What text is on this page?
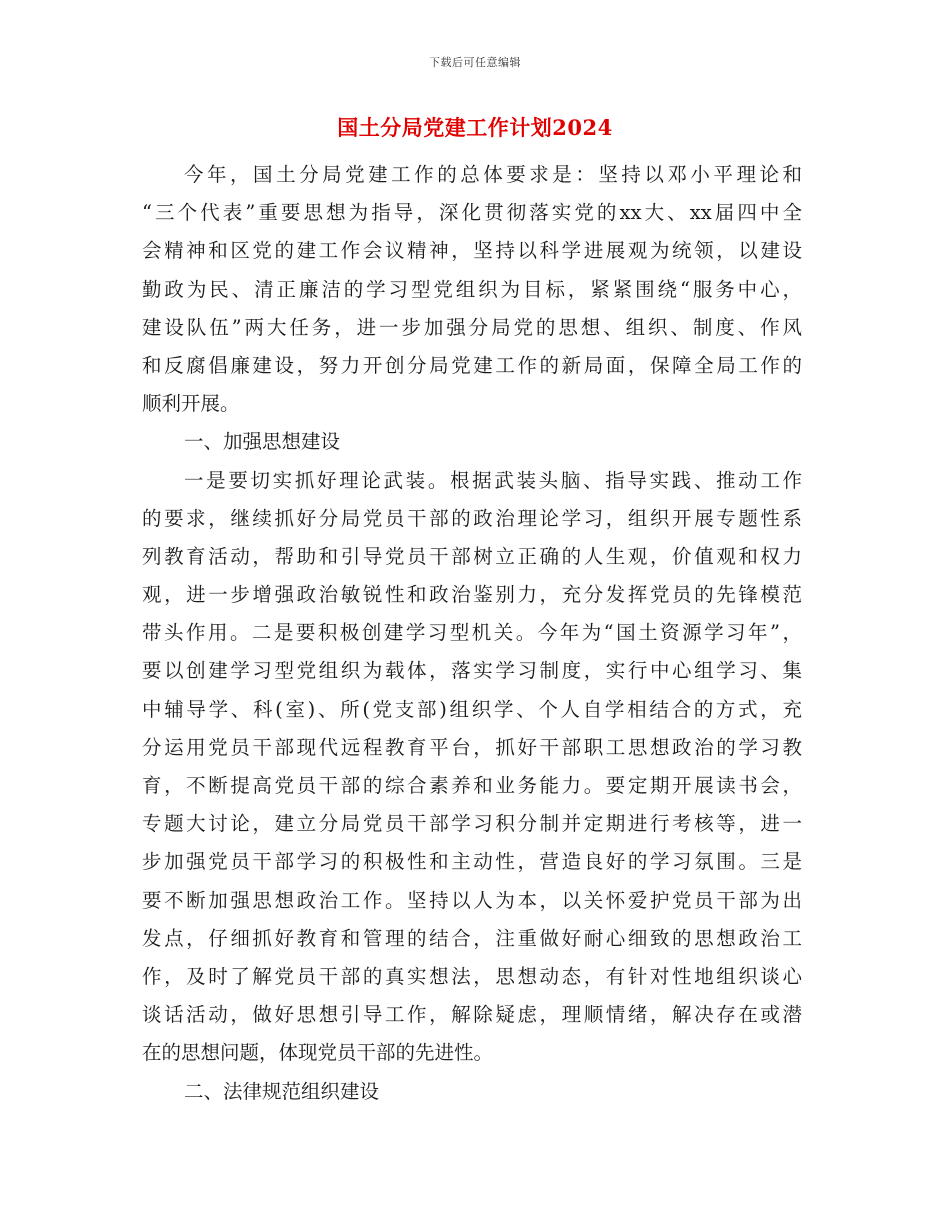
下载后可任意编辑
国土分局党建工作计划2024
今年，国土分局党建工作的总体要求是：坚持以邓小平理论和
“三个代表”重要思想为指导，深化贯彻落实党的xx大、xx届四中全
会精神和区党的建工作会议精神，坚持以科学进展观为统领，以建设
勤政为民、清正廉洁的学习型党组织为目标，紧紧围绕“服务中心，
建设队伍”两大任务，进一步加强分局党的思想、组织、制度、作风
和反腐倡廉建设，努力开创分局党建工作的新局面，保障全局工作的
顺利开展。
一、加强思想建设
一是要切实抓好理论武装。根据武装头脑、指导实践、推动工作
的要求，继续抓好分局党员干部的政治理论学习，组织开展专题性系
列教育活动，帮助和引导党员干部树立正确的人生观，价值观和权力
观，进一步增强政治敏锐性和政治鉴别力，充分发挥党员的先锋模范
带头作用。二是要积极创建学习型机关。今年为“国土资源学习年”，
要以创建学习型党组织为载体，落实学习制度，实行中心组学习、集
中辅导学、科(室)、所(党支部)组织学、个人自学相结合的方式，充
分运用党员干部现代远程教育平台，抓好干部职工思想政治的学习教
育，不断提高党员干部的综合素养和业务能力。要定期开展读书会，
专题大讨论，建立分局党员干部学习积分制并定期进行考核等，进一
步加强党员干部学习的积极性和主动性，营造良好的学习氛围。三是
要不断加强思想政治工作。坚持以人为本，以关怀爱护党员干部为出
发点，仔细抓好教育和管理的结合，注重做好耐心细致的思想政治工
作，及时了解党员干部的真实想法，思想动态，有针对性地组织谈心
谈话活动，做好思想引导工作，解除疑虑，理顺情绪，解决存在或潜
在的思想问题，体现党员干部的先进性。
二、法律规范组织建设
